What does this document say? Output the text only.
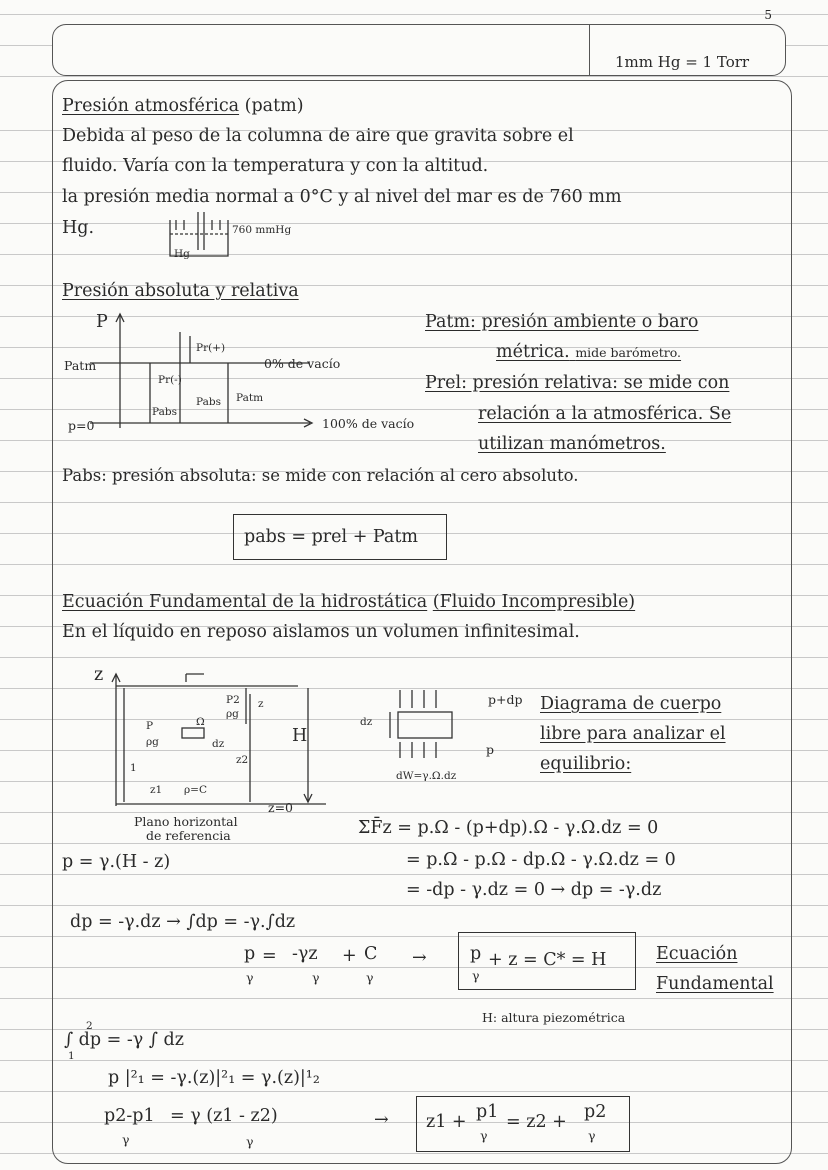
5
1mm Hg = 1 Torr
Presión atmosférica (patm)
Debida al peso de la columna de aire que gravita sobre el
fluido. Varía con la temperatura y con la altitud.
la presión media normal a 0°C y al nivel del mar es de 760 mm
Hg.	760 mmHg
Hg
Presión absoluta y relativa
P
Patm
p=0
Pr(+)
Pr(-)
Pabs
Pabs Patm
0% de vacío
100% de vacío
Patm: presión ambiente o baro
métrica. mide barómetro.
Prel: presión relativa: se mide con
relación a la atmosférica. Se
utilizan manómetros.
Pabs: presión absoluta: se mide con relación al cero absoluto.
pabs = prel + Patm
Ecuación Fundamental de la hidrostática (Fluido Incompresible)
En el líquido en reposo aislamos un volumen infinitesimal.
z
P2
ρg
z
P
ρg
Ω
dz	H
z2
1
z1 ρ=C
z=0
Plano horizontal
de referencia
p+dp
dz
p
dW=γ.Ω.dz
Diagrama de cuerpo
libre para analizar el
equilibrio:
ΣF̄z = p.Ω - (p+dp).Ω - γ.Ω.dz = 0
= p.Ω - p.Ω - dp.Ω - γ.Ω.dz = 0
= -dp - γ.dz = 0 → dp = -γ.dz
p = γ.(H - z)
dp = -γ.dz → ∫dp = -γ.∫dz
p
γ
= -γz
γ
+ C
γ
→ p
γ
+ z = C* = H	Ecuación
Fundamental
H: altura piezométrica
2
1
∫ dp = -γ ∫ dz
p |²₁ = -γ.(z)|²₁ = γ.(z)|¹₂
p2-p1
γ
= γ (z1 - z2)
γ
→ z1 + p1
γ
= z2 + p2
γ
